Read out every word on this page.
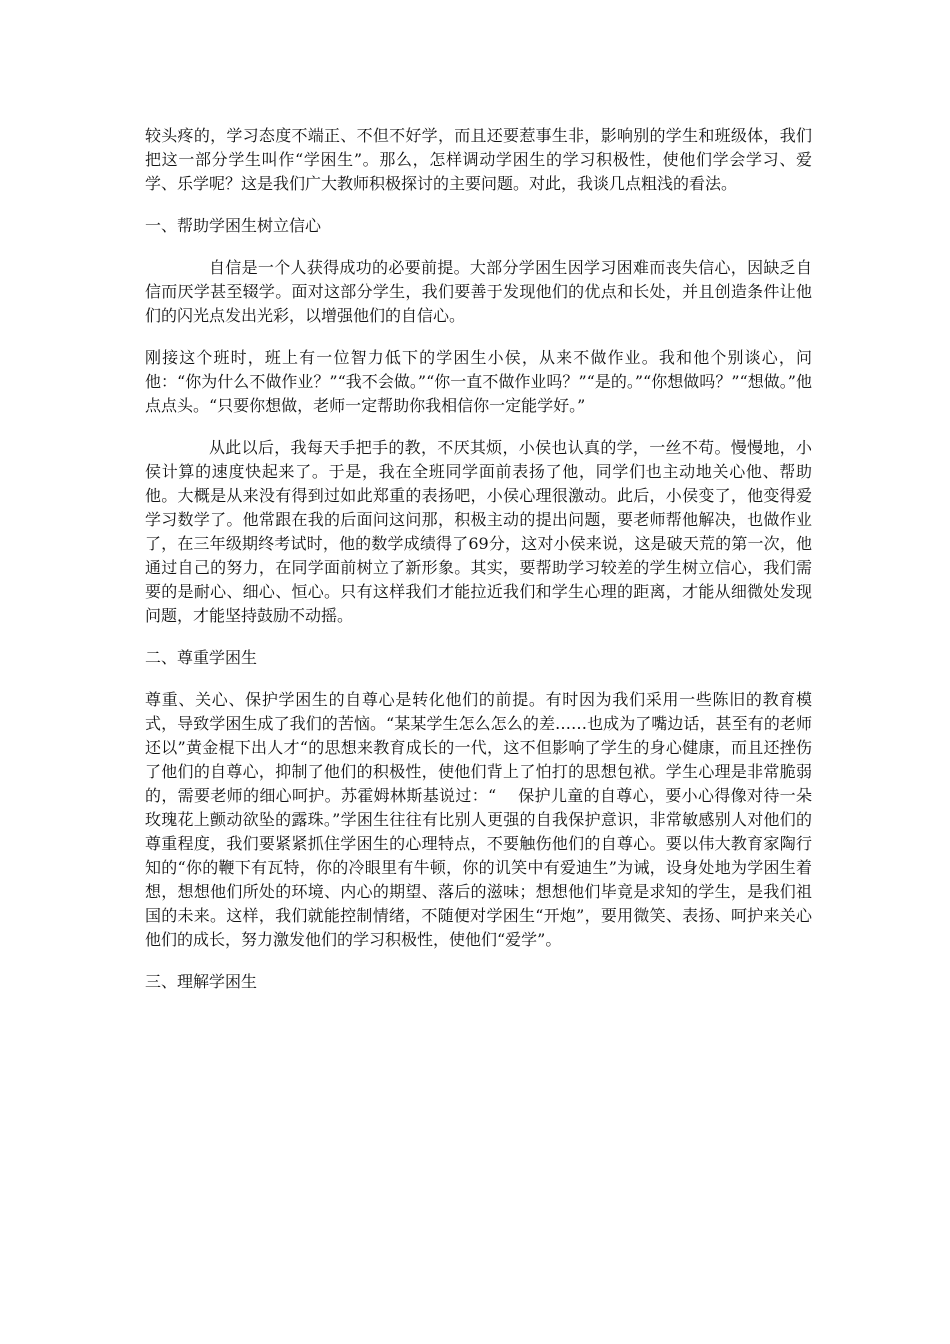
较头疼的，学习态度不端正、不但不好学，而且还要惹事生非，影响别的学生和班级体，我们把这一部分学生叫作“学困生”。那么，怎样调动学困生的学习积极性，使他们学会学习、爱学、乐学呢？这是我们广大教师积极探讨的主要问题。对此，我谈几点粗浅的看法。

一、帮助学困生树立信心

自信是一个人获得成功的必要前提。大部分学困生因学习困难而丧失信心，因缺乏自信而厌学甚至辍学。面对这部分学生，我们要善于发现他们的优点和长处，并且创造条件让他们的闪光点发出光彩，以增强他们的自信心。

刚接这个班时，班上有一位智力低下的学困生小侯，从来不做作业。我和他个别谈心，问他：“你为什么不做作业？”“我不会做。”“你一直不做作业吗？”“是的。”“你想做吗？”“想做。”他点点头。“只要你想做，老师一定帮助你我相信你一定能学好。”

从此以后，我每天手把手的教，不厌其烦，小侯也认真的学，一丝不苟。慢慢地，小侯计算的速度快起来了。于是，我在全班同学面前表扬了他，同学们也主动地关心他、帮助他。大概是从来没有得到过如此郑重的表扬吧，小侯心理很激动。此后，小侯变了，他变得爱学习数学了。他常跟在我的后面问这问那，积极主动的提出问题，要老师帮他解决，也做作业了，在三年级期终考试时，他的数学成绩得了69分，这对小侯来说，这是破天荒的第一次，他通过自己的努力，在同学面前树立了新形象。其实，要帮助学习较差的学生树立信心，我们需要的是耐心、细心、恒心。只有这样我们才能拉近我们和学生心理的距离，才能从细微处发现问题，才能坚持鼓励不动摇。

二、尊重学困生

尊重、关心、保护学困生的自尊心是转化他们的前提。有时因为我们采用一些陈旧的教育模式，导致学困生成了我们的苦恼。“某某学生怎么怎么的差……也成为了嘴边话，甚至有的老师还以”黄金棍下出人才“的思想来教育成长的一代，这不但影响了学生的身心健康，而且还挫伤了他们的自尊心，抑制了他们的积极性，使他们背上了怕打的思想包袱。学生心理是非常脆弱的，需要老师的细心呵护。苏霍姆林斯基说过：“　 保护儿童的自尊心，要小心得像对待一朵玫瑰花上颤动欲坠的露珠。”学困生往往有比别人更强的自我保护意识，非常敏感别人对他们的尊重程度，我们要紧紧抓住学困生的心理特点，不要触伤他们的自尊心。要以伟大教育家陶行知的“你的鞭下有瓦特，你的冷眼里有牛顿，你的讥笑中有爱迪生”为诫，设身处地为学困生着想，想想他们所处的环境、内心的期望、落后的滋味；想想他们毕竟是求知的学生，是我们祖国的未来。这样，我们就能控制情绪，不随便对学困生“开炮”，要用微笑、表扬、呵护来关心他们的成长，努力激发他们的学习积极性，使他们“爱学”。

三、理解学困生
